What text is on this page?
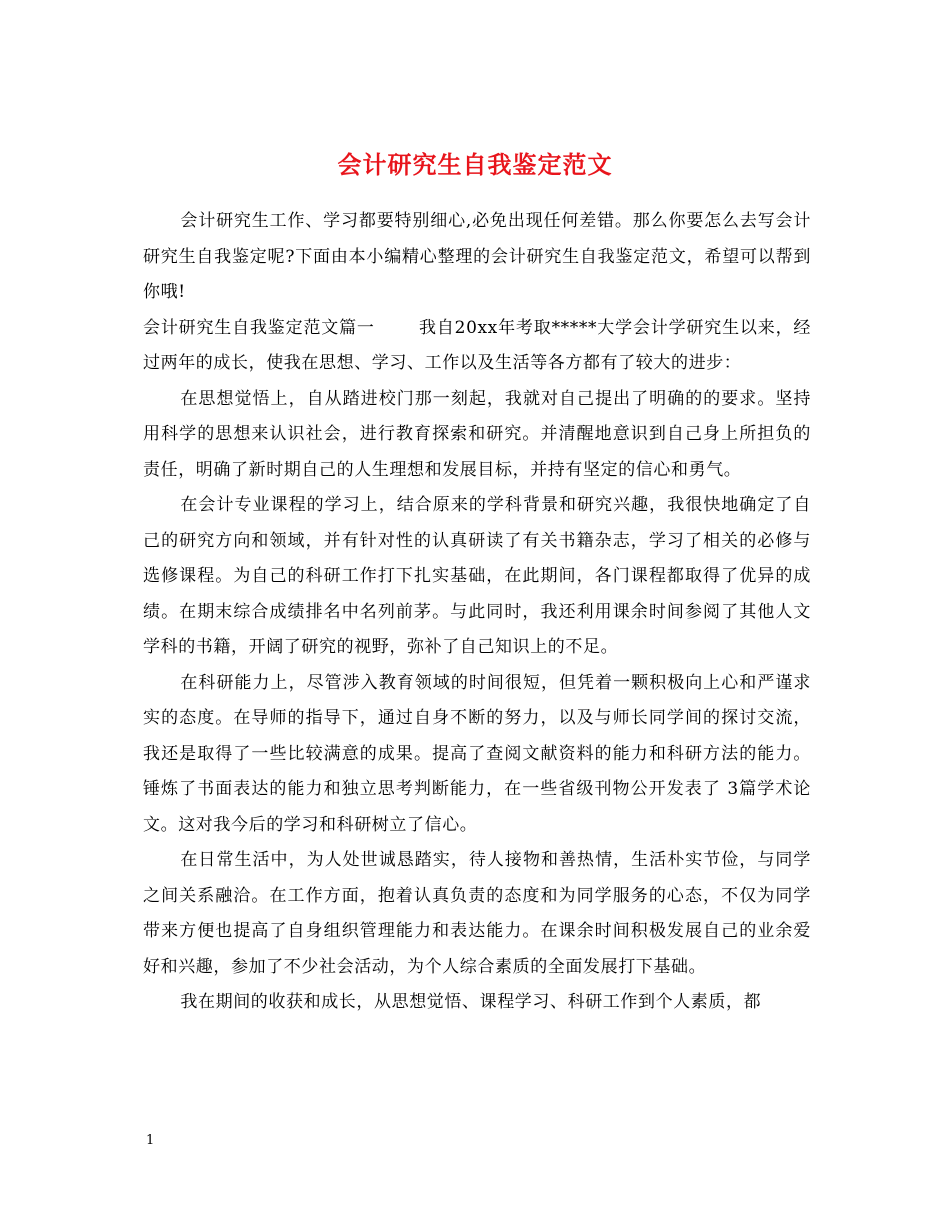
会计研究生自我鉴定范文

会计研究生工作、学习都要特别细心,必免出现任何差错。那么你要怎么去写会计研究生自我鉴定呢?下面由本小编精心整理的会计研究生自我鉴定范文，希望可以帮到你哦!

会计研究生自我鉴定范文篇一	我自20xx年考取*****大学会计学研究生以来，经过两年的成长，使我在思想、学习、工作以及生活等各方都有了较大的进步：

在思想觉悟上，自从踏进校门那一刻起，我就对自己提出了明确的的要求。坚持用科学的思想来认识社会，进行教育探索和研究。并清醒地意识到自己身上所担负的责任，明确了新时期自己的人生理想和发展目标，并持有坚定的信心和勇气。

在会计专业课程的学习上，结合原来的学科背景和研究兴趣，我很快地确定了自己的研究方向和领域，并有针对性的认真研读了有关书籍杂志，学习了相关的必修与选修课程。为自己的科研工作打下扎实基础，在此期间，各门课程都取得了优异的成绩。在期末综合成绩排名中名列前茅。与此同时，我还利用课余时间参阅了其他人文学科的书籍，开阔了研究的视野，弥补了自己知识上的不足。

在科研能力上，尽管涉入教育领域的时间很短，但凭着一颗积极向上心和严谨求实的态度。在导师的指导下，通过自身不断的努力，以及与师长同学间的探讨交流，我还是取得了一些比较满意的成果。提高了查阅文献资料的能力和科研方法的能力。锤炼了书面表达的能力和独立思考判断能力，在一些省级刊物公开发表了 3篇学术论文。这对我今后的学习和科研树立了信心。

在日常生活中，为人处世诚恳踏实，待人接物和善热情，生活朴实节俭，与同学之间关系融洽。在工作方面，抱着认真负责的态度和为同学服务的心态，不仅为同学带来方便也提高了自身组织管理能力和表达能力。在课余时间积极发展自己的业余爱好和兴趣，参加了不少社会活动，为个人综合素质的全面发展打下基础。

我在期间的收获和成长，从思想觉悟、课程学习、科研工作到个人素质，都

1
